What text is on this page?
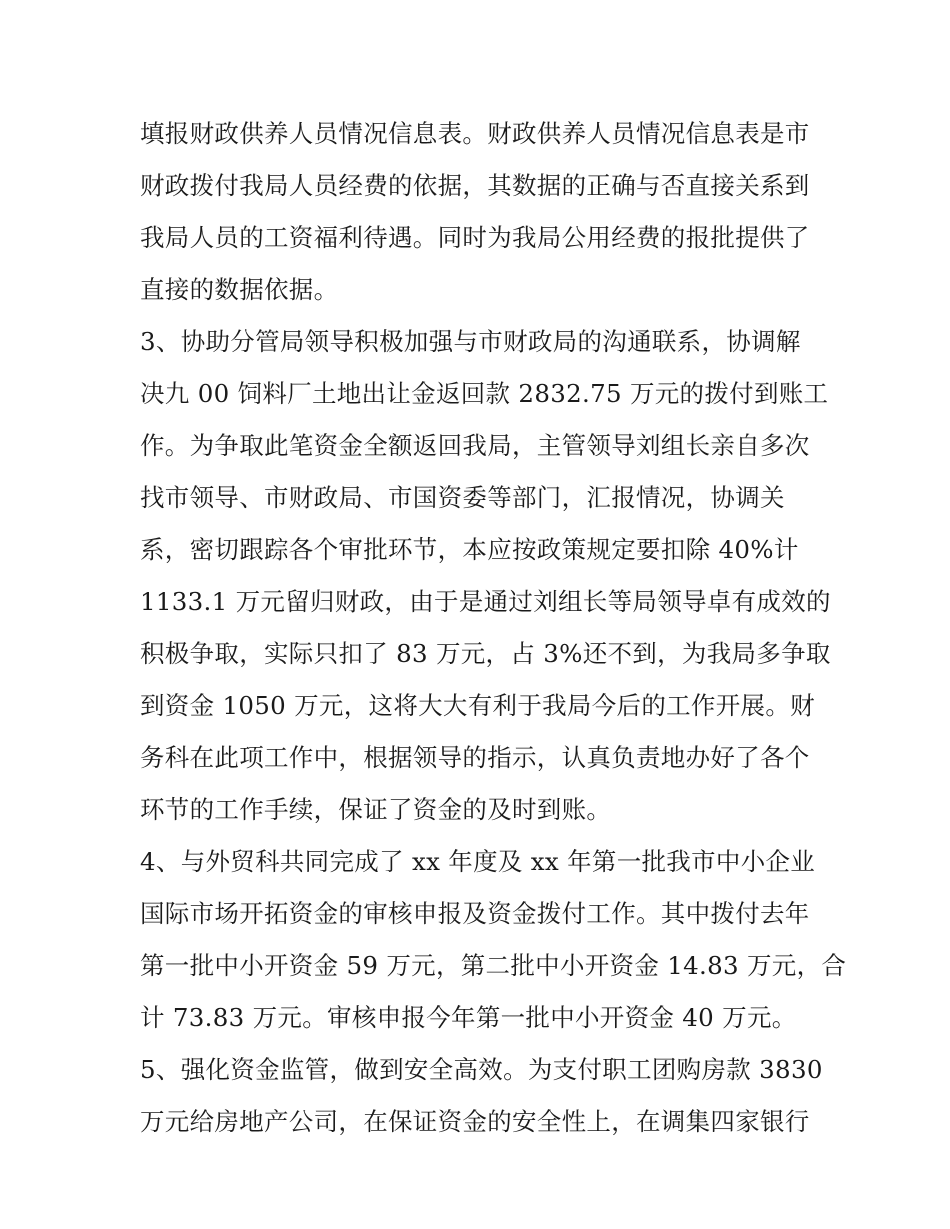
填报财政供养人员情况信息表。财政供养人员情况信息表是市
财政拨付我局人员经费的依据，其数据的正确与否直接关系到
我局人员的工资福利待遇。同时为我局公用经费的报批提供了
直接的数据依据。
3、协助分管局领导积极加强与市财政局的沟通联系，协调解
决九 00 饲料厂土地出让金返回款 2832.75 万元的拨付到账工
作。为争取此笔资金全额返回我局，主管领导刘组长亲自多次
找市领导、市财政局、市国资委等部门，汇报情况，协调关
系，密切跟踪各个审批环节，本应按政策规定要扣除 40%计
1133.1 万元留归财政，由于是通过刘组长等局领导卓有成效的
积极争取，实际只扣了 83 万元，占 3%还不到，为我局多争取
到资金 1050 万元，这将大大有利于我局今后的工作开展。财
务科在此项工作中，根据领导的指示，认真负责地办好了各个
环节的工作手续，保证了资金的及时到账。
4、与外贸科共同完成了 xx 年度及 xx 年第一批我市中小企业
国际市场开拓资金的审核申报及资金拨付工作。其中拨付去年
第一批中小开资金 59 万元，第二批中小开资金 14.83 万元，合
计 73.83 万元。审核申报今年第一批中小开资金 40 万元。
5、强化资金监管，做到安全高效。为支付职工团购房款 3830
万元给房地产公司，在保证资金的安全性上，在调集四家银行
